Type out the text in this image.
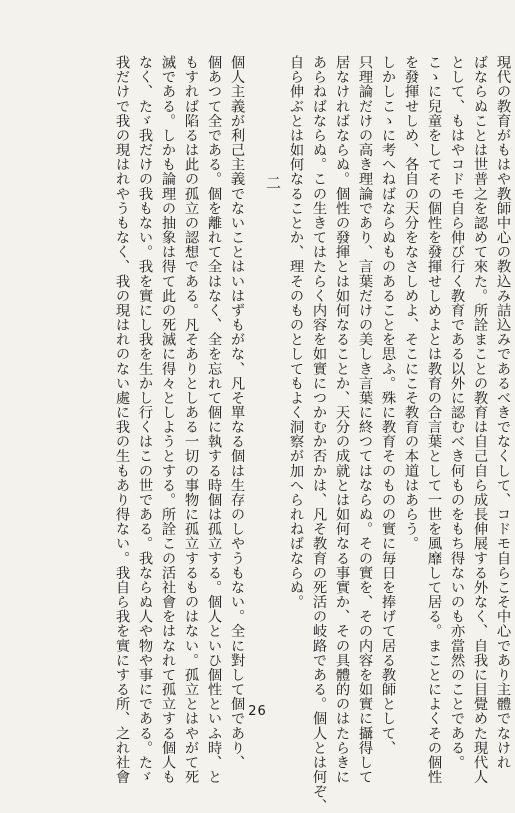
現代の教育がもはや教師中心の教込み詰込みであるべきでなくして、コドモ自らこそ中心であり主體でなけれ
ばならぬことは世普之を認めて來た。所詮まことの教育は自己自ら成長伸展する外なく、自我に目覺めた現代人
として、もはやコドモ自ら伸び行く教育である以外に認むべき何ものをもち得ないのも亦當然のことである。
こゝに兒童をしてその個性を發揮せしめよとは教育の合言葉として一世を風靡して居る。まことによくその個性
を發揮せしめ、各自の天分をなさしめよ、そこにこそ教育の本道はあらう。
しかしこゝに考へねばならぬものあることを思ふ。殊に教育そのものの實に毎日を捧げて居る教師として、
只理論だけの高き理論であり、言葉だけの美しき言葉に終つてはならぬ。その實を、その内容を如實に攝得して
居なければならぬ。個性の發揮とは如何なることか、天分の成就とは如何なる事實か、その具體的のはたらきに
あらねばならぬ。この生きてはたらく内容を如實につかむか否かは、凡そ教育の死活の岐路である。個人とは何ぞ、
自ら伸ぶとは如何なることか、理そのものとしてもよく洞察が加へられねばならぬ。
二
個人主義が利己主義でないことはいはずもがな、凡そ單なる個は生存のしやうもない。全に對して個であり、
個あつて全である。個を離れて全はなく、全を忘れて個に執する時個は孤立する。個人といひ個性といふ時、と
もすれば陷るは此の孤立の認想である。凡そありとしある一切の事物に孤立するものはない。孤立とはやがて死
滅である。しかも論理の抽象は得て此の死滅に得々としようとする。所詮この活社會をはなれて孤立する個人も
なく、たゞ我だけの我もない。我を實にし我を生かし行くはこの世である。我ならぬ人や物や事にである。たゞ
我だけで我の現はれやうもなく、我の現はれのない處に我の生もあり得ない。我自ら我を實にする所、之れ社會	26
